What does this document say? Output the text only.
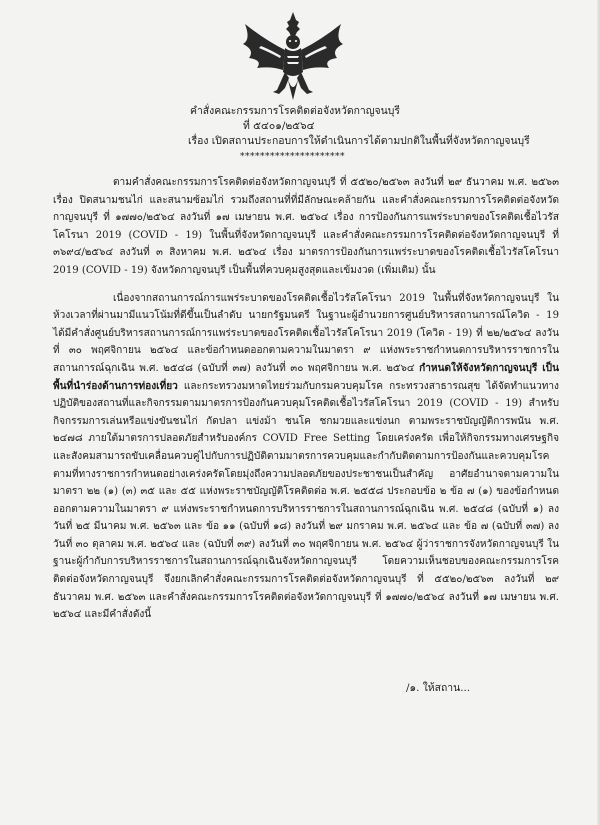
คำสั่งคณะกรรมการโรคติดต่อจังหวัดกาญจนบุรี
ที่ ๕๔๐๑/๒๕๖๔
เรื่อง เปิดสถานประกอบการให้ดำเนินการได้ตามปกติในพื้นที่จังหวัดกาญจนบุรี
*********************

ตามคำสั่งคณะกรรมการโรคติดต่อจังหวัดกาญจนบุรี ที่ ๕๕๒๐/๒๕๖๓ ลงวันที่ ๒๙ ธันวาคม พ.ศ. ๒๕๖๓ เรื่อง ปิดสนามชนไก่ และสนามซ้อมไก่ รวมถึงสถานที่ที่มีลักษณะคล้ายกัน และคำสั่งคณะกรรมการโรคติดต่อจังหวัดกาญจนบุรี ที่ ๑๗๗๐/๒๕๖๔ ลงวันที่ ๑๗ เมษายน พ.ศ. ๒๕๖๔ เรื่อง การป้องกันการแพร่ระบาดของโรคติดเชื้อไวรัสโคโรนา 2019 (COVID - 19) ในพื้นที่จังหวัดกาญจนบุรี และคำสั่งคณะกรรมการโรคติดต่อจังหวัดกาญจนบุรี ที่ ๓๖๙๔/๒๕๖๔ ลงวันที่ ๓ สิงหาคม พ.ศ. ๒๕๖๔ เรื่อง มาตรการป้องกันการแพร่ระบาดของโรคติดเชื้อไวรัสโคโรนา 2019 (COVID - 19) จังหวัดกาญจนบุรี เป็นพื้นที่ควบคุมสูงสุดและเข้มงวด (เพิ่มเติม) นั้น

เนื่องจากสถานการณ์การแพร่ระบาดของโรคติดเชื้อไวรัสโคโรนา 2019 ในพื้นที่จังหวัดกาญจนบุรี ในห้วงเวลาที่ผ่านมามีแนวโน้มที่ดีขึ้นเป็นลำดับ นายกรัฐมนตรี ในฐานะผู้อำนวยการศูนย์บริหารสถานการณ์โควิด - 19 ได้มีคำสั่งศูนย์บริหารสถานการณ์การแพร่ระบาดของโรคติดเชื้อไวรัสโคโรนา 2019 (โควิด - 19) ที่ ๒๒/๒๕๖๔ ลงวันที่ ๓๐ พฤศจิกายน ๒๕๖๔ และข้อกำหนดออกตามความในมาตรา ๙ แห่งพระราชกำหนดการบริหารราชการในสถานการณ์ฉุกเฉิน พ.ศ. ๒๕๔๘ (ฉบับที่ ๓๗) ลงวันที่ ๓๐ พฤศจิกายน พ.ศ. ๒๕๖๔ กำหนดให้จังหวัดกาญจนบุรี เป็นพื้นที่นำร่องด้านการท่องเที่ยว และกระทรวงมหาดไทยร่วมกับกรมควบคุมโรค กระทรวงสาธารณสุข ได้จัดทำแนวทางปฏิบัติของสถานที่และกิจกรรมตามมาตรการป้องกันควบคุมโรคติดเชื้อไวรัสโคโรนา 2019 (COVID - 19) สำหรับกิจกรรมการเล่นหรือแข่งขันชนไก่ กัดปลา แข่งม้า ชนโค ชกมวยและแข่งนก ตามพระราชบัญญัติการพนัน พ.ศ. ๒๔๗๘ ภายใต้มาตรการปลอดภัยสำหรับองค์กร COVID Free Setting โดยเคร่งครัด เพื่อให้กิจกรรมทางเศรษฐกิจและสังคมสามารถขับเคลื่อนควบคู่ไปกับการปฏิบัติตามมาตรการควบคุมและกำกับติดตามการป้องกันและควบคุมโรคตามที่ทางราชการกำหนดอย่างเคร่งครัดโดยมุ่งถึงความปลอดภัยของประชาชนเป็นสำคัญ อาศัยอำนาจตามความในมาตรา ๒๒ (๑) (๓) ๓๕ และ ๕๕ แห่งพระราชบัญญัติโรคติดต่อ พ.ศ. ๒๕๕๘ ประกอบข้อ ๒ ข้อ ๗ (๑) ของข้อกำหนดออกตามความในมาตรา ๙ แห่งพระราชกำหนดการบริหารราชการในสถานการณ์ฉุกเฉิน พ.ศ. ๒๕๔๘ (ฉบับที่ ๑) ลงวันที่ ๒๕ มีนาคม พ.ศ. ๒๕๖๓ และ ข้อ ๑๑ (ฉบับที่ ๑๘) ลงวันที่ ๒๙ มกราคม พ.ศ. ๒๕๖๔ และ ข้อ ๗ (ฉบับที่ ๓๗) ลงวันที่ ๓๐ ตุลาคม พ.ศ. ๒๕๖๔ และ (ฉบับที่ ๓๙) ลงวันที่ ๓๐ พฤศจิกายน พ.ศ. ๒๕๖๔ ผู้ว่าราชการจังหวัดกาญจนบุรี ในฐานะผู้กำกับการบริหารราชการในสถานการณ์ฉุกเฉินจังหวัดกาญจนบุรี โดยความเห็นชอบของคณะกรรมการโรคติดต่อจังหวัดกาญจนบุรี จึงยกเลิกคำสั่งคณะกรรมการโรคติดต่อจังหวัดกาญจนบุรี ที่ ๕๕๒๐/๒๕๖๓ ลงวันที่ ๒๙ ธันวาคม พ.ศ. ๒๕๖๓ และคำสั่งคณะกรรมการโรคติดต่อจังหวัดกาญจนบุรี ที่ ๑๗๗๐/๒๕๖๔ ลงวันที่ ๑๗ เมษายน พ.ศ. ๒๕๖๔ และมีคำสั่งดังนี้

/๑. ให้สถาน...
